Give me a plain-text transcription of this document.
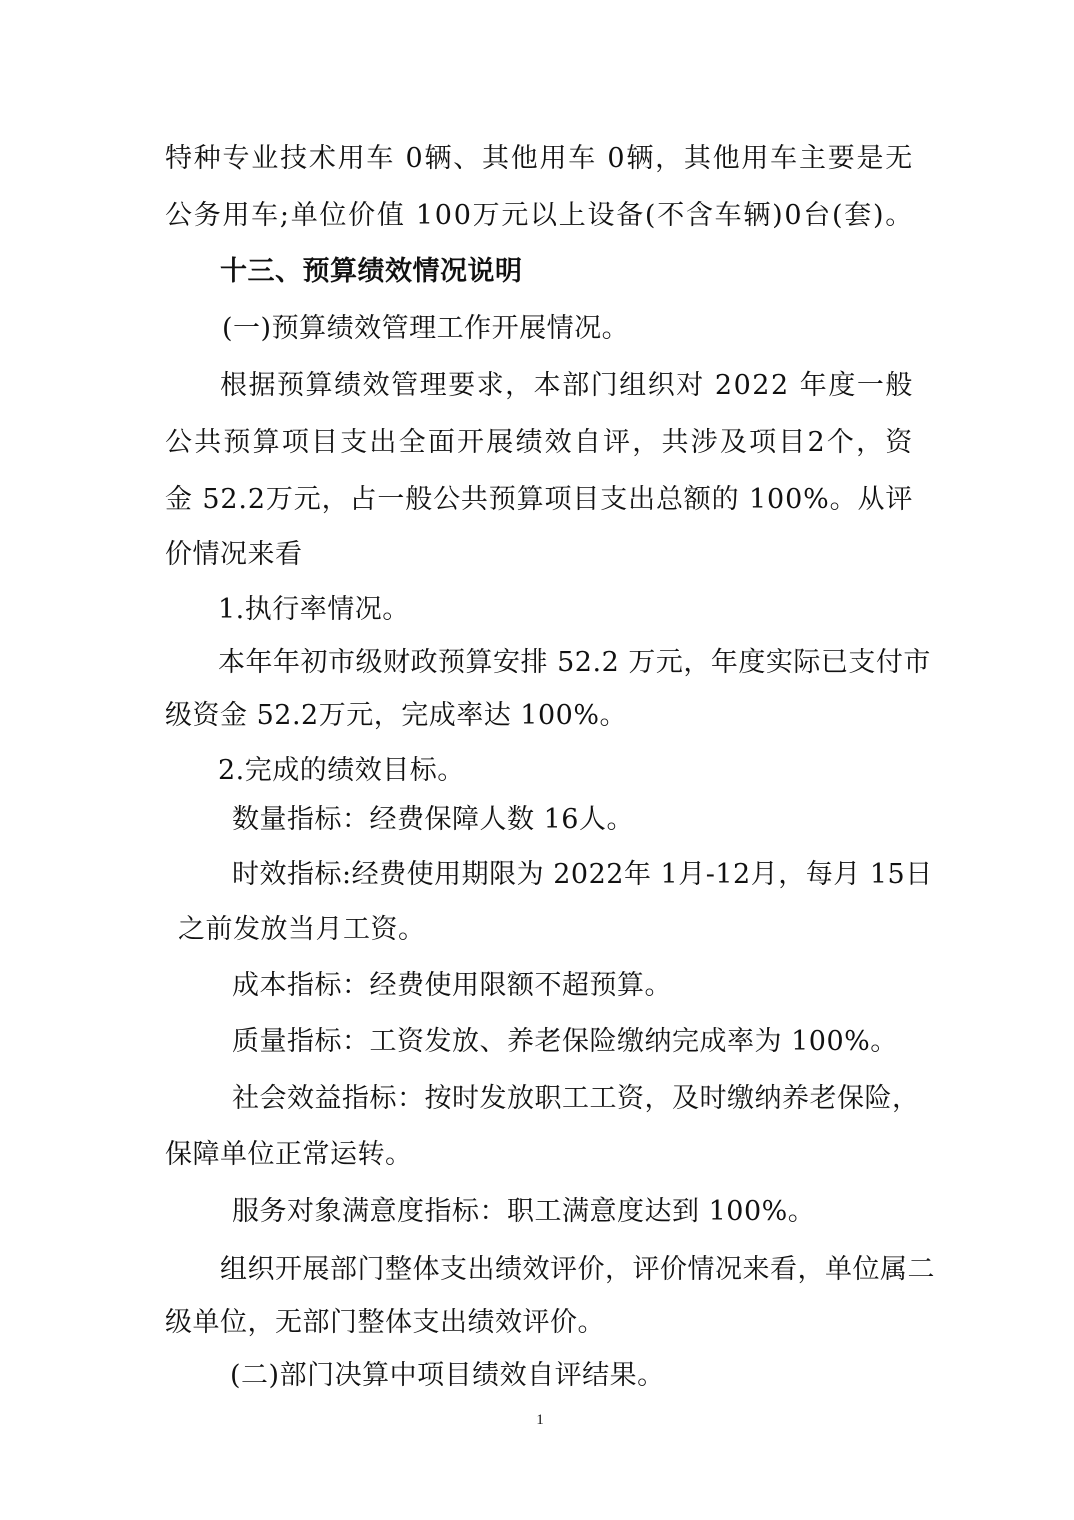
特 种 专 业 技 术 用 车
0 辆 、 其 他 用 车
0 辆 ， 其 他 用 车 主 要 是 无
公 务 用 车 ; 单 位 价 值
1 0 0 万 元 以 上 设 备 ( 不 含 车 辆 ) 0 台 ( 套 ) 。
十三、预算绩效情况说明
(一)预算绩效管理工作开展情况。
根 据 预 算 绩 效 管 理 要 求 ， 本 部 门 组 织 对
2 0 2 2
年 度 一 般
公 共 预 算 项 目 支 出 全 面 开 展 绩 效 自 评 ， 共 涉 及 项 目 2 个 ， 资
金
5 2 . 2 万 元 ， 占 一 般 公 共 预 算 项 目 支 出 总 额 的
1 0 0 % 。 从 评
价情况来看
1.执行率情况。
本 年 年 初 市 级 财 政 预 算 安 排
5 2 . 2
万 元 ， 年 度 实 际 已 支 付 市
级资金 52.2万元，完成率达 100%。
2.完成的绩效目标。
数量指标：经费保障人数 16人。
时 效 指 标 : 经 费 使 用 期 限 为
2 0 2 2 年
1 月 - 1 2 月 ， 每 月
1 5 日
之前发放当月工资。
成本指标：经费使用限额不超预算。
质量指标：工资发放、养老保险缴纳完成率为 100%。
社 会 效 益 指 标 ： 按 时 发 放 职 工 工 资 ， 及 时 缴 纳 养 老 保 险 ，
保障单位正常运转。
服务对象满意度指标：职工满意度达到 100%。
组 织 开 展 部 门 整 体 支 出 绩 效 评 价 ， 评 价 情 况 来 看 ， 单 位 属 二
级单位，无部门整体支出绩效评价。
(二)部门决算中项目绩效自评结果。
1
